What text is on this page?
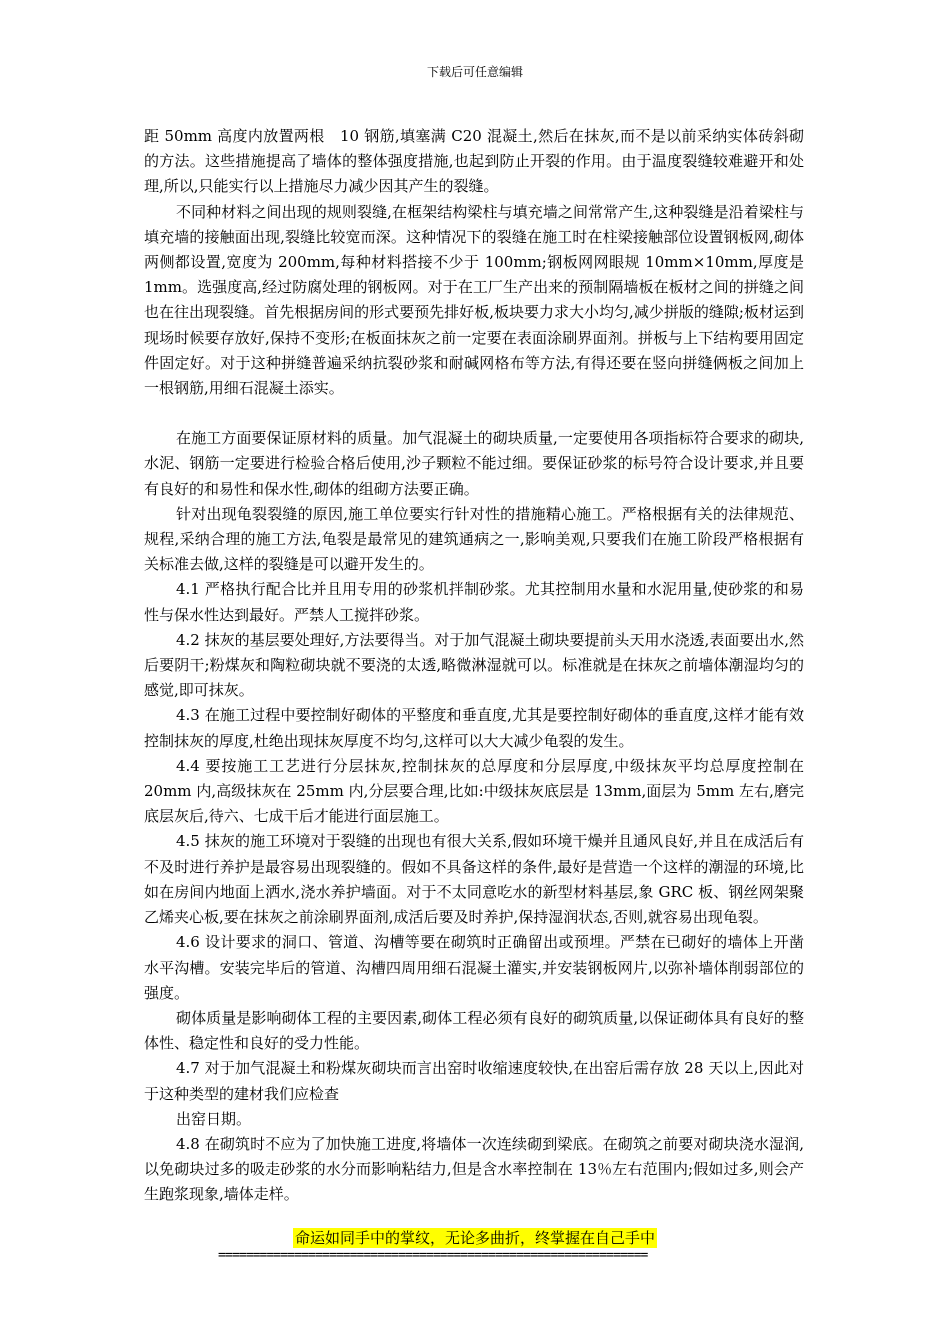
下载后可任意编辑

距 50mm 高度内放置两根　10 钢筋,填塞满 C20 混凝土,然后在抹灰,而不是以前采纳实体砖斜砌的方法。这些措施提高了墙体的整体强度措施,也起到防止开裂的作用。由于温度裂缝较难避开和处理,所以,只能实行以上措施尽力减少因其产生的裂缝。

不同种材料之间出现的规则裂缝,在框架结构梁柱与填充墙之间常常产生,这种裂缝是沿着梁柱与填充墙的接触面出现,裂缝比较宽而深。这种情况下的裂缝在施工时在柱梁接触部位设置钢板网,砌体两侧都设置,宽度为 200mm,每种材料搭接不少于 100mm;钢板网网眼规 10mm×10mm,厚度是 1mm。选强度高,经过防腐处理的钢板网。对于在工厂生产出来的预制隔墙板在板材之间的拼缝之间也在往出现裂缝。首先根据房间的形式要预先排好板,板块要力求大小均匀,减少拼版的缝隙;板材运到现场时候要存放好,保持不变形;在板面抹灰之前一定要在表面涂刷界面剂。拼板与上下结构要用固定件固定好。对于这种拼缝普遍采纳抗裂砂浆和耐碱网格布等方法,有得还要在竖向拼缝俩板之间加上一根钢筋,用细石混凝土添实。

在施工方面要保证原材料的质量。加气混凝土的砌块质量,一定要使用各项指标符合要求的砌块,水泥、钢筋一定要进行检验合格后使用,沙子颗粒不能过细。要保证砂浆的标号符合设计要求,并且要有良好的和易性和保水性,砌体的组砌方法要正确。

针对出现龟裂裂缝的原因,施工单位要实行针对性的措施精心施工。严格根据有关的法律规范、规程,采纳合理的施工方法,龟裂是最常见的建筑通病之一,影响美观,只要我们在施工阶段严格根据有关标准去做,这样的裂缝是可以避开发生的。

4.1 严格执行配合比并且用专用的砂浆机拌制砂浆。尤其控制用水量和水泥用量,使砂浆的和易性与保水性达到最好。严禁人工搅拌砂浆。

4.2 抹灰的基层要处理好,方法要得当。对于加气混凝土砌块要提前头天用水浇透,表面要出水,然后要阴干;粉煤灰和陶粒砌块就不要浇的太透,略微淋湿就可以。标准就是在抹灰之前墙体潮湿均匀的感觉,即可抹灰。

4.3 在施工过程中要控制好砌体的平整度和垂直度,尤其是要控制好砌体的垂直度,这样才能有效控制抹灰的厚度,杜绝出现抹灰厚度不均匀,这样可以大大减少龟裂的发生。

4.4 要按施工工艺进行分层抹灰,控制抹灰的总厚度和分层厚度,中级抹灰平均总厚度控制在 20mm 内,高级抹灰在 25mm 内,分层要合理,比如:中级抹灰底层是 13mm,面层为 5mm 左右,磨完底层灰后,待六、七成干后才能进行面层施工。

4.5 抹灰的施工环境对于裂缝的出现也有很大关系,假如环境干燥并且通风良好,并且在成活后有不及时进行养护是最容易出现裂缝的。假如不具备这样的条件,最好是营造一个这样的潮湿的环境,比如在房间内地面上洒水,浇水养护墙面。对于不太同意吃水的新型材料基层,象 GRC 板、钢丝网架聚乙烯夹心板,要在抹灰之前涂刷界面剂,成活后要及时养护,保持湿润状态,否则,就容易出现龟裂。

4.6 设计要求的洞口、管道、沟槽等要在砌筑时正确留出或预埋。严禁在已砌好的墙体上开凿水平沟槽。安装完毕后的管道、沟槽四周用细石混凝土灌实,并安装钢板网片,以弥补墙体削弱部位的强度。

砌体质量是影响砌体工程的主要因素,砌体工程必须有良好的砌筑质量,以保证砌体具有良好的整体性、稳定性和良好的受力性能。

4.7 对于加气混凝土和粉煤灰砌块而言出窑时收缩速度较快,在出窑后需存放 28 天以上,因此对于这种类型的建材我们应检查

出窑日期。

4.8 在砌筑时不应为了加快施工进度,将墙体一次连续砌到梁底。在砌筑之前要对砌块浇水湿润,以免砌块过多的吸走砂浆的水分而影响粘结力,但是含水率控制在 13％左右范围内;假如过多,则会产生跑浆现象,墙体走样。

命运如同手中的掌纹，无论多曲折，终掌握在自己手中
==============================================================
